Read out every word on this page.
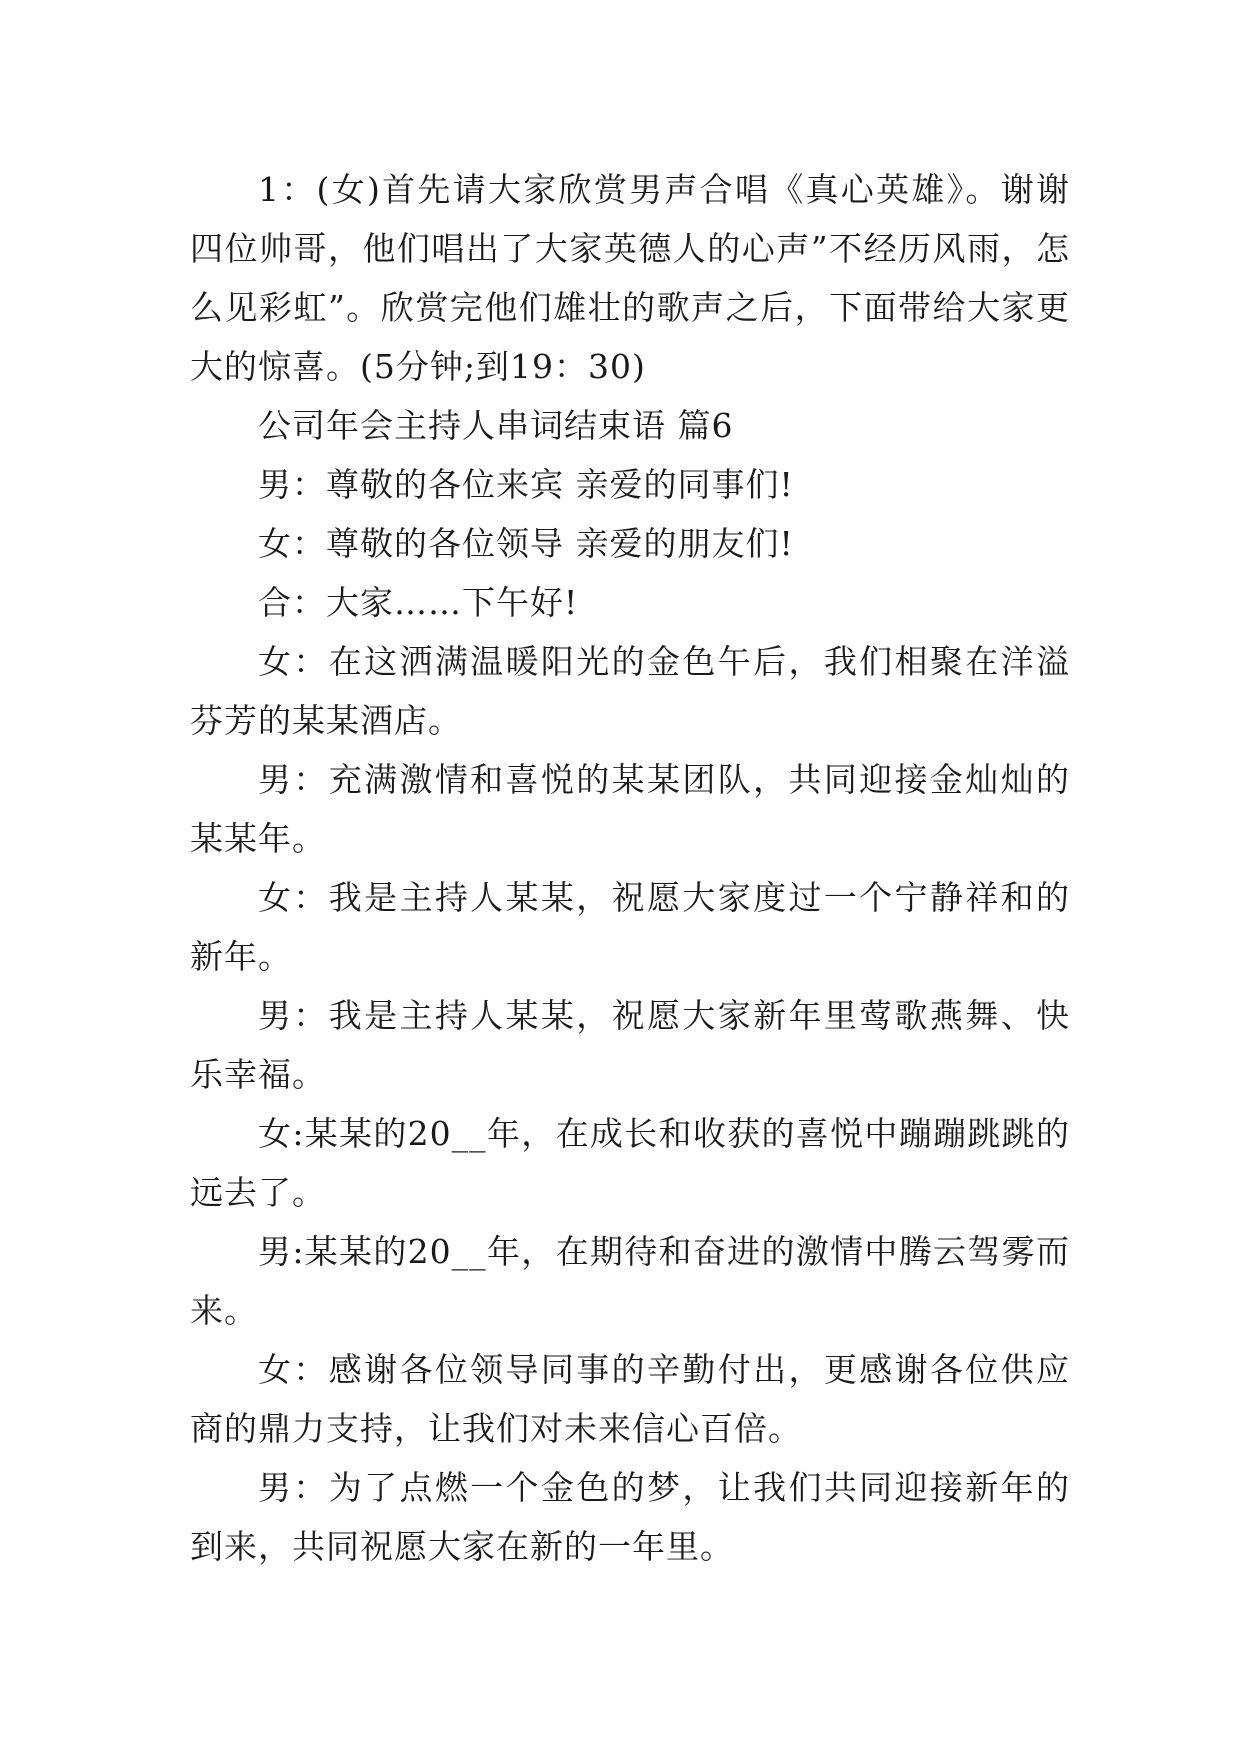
1：(女)首先请大家欣赏男声合唱《真心英雄》。谢谢四位帅哥，他们唱出了大家英德人的心声”不经历风雨，怎么见彩虹”。欣赏完他们雄壮的歌声之后，下面带给大家更大的惊喜。(5分钟;到19：30)

公司年会主持人串词结束语 篇6

男：尊敬的各位来宾 亲爱的同事们!

女：尊敬的各位领导 亲爱的朋友们!

合：大家……下午好!

女：在这洒满温暖阳光的金色午后，我们相聚在洋溢芬芳的某某酒店。

男：充满激情和喜悦的某某团队，共同迎接金灿灿的某某年。

女：我是主持人某某，祝愿大家度过一个宁静祥和的新年。

男：我是主持人某某，祝愿大家新年里莺歌燕舞、快乐幸福。

女:某某的20__年，在成长和收获的喜悦中蹦蹦跳跳的远去了。

男:某某的20__年，在期待和奋进的激情中腾云驾雾而来。

女：感谢各位领导同事的辛勤付出，更感谢各位供应商的鼎力支持，让我们对未来信心百倍。

男：为了点燃一个金色的梦，让我们共同迎接新年的到来，共同祝愿大家在新的一年里。
